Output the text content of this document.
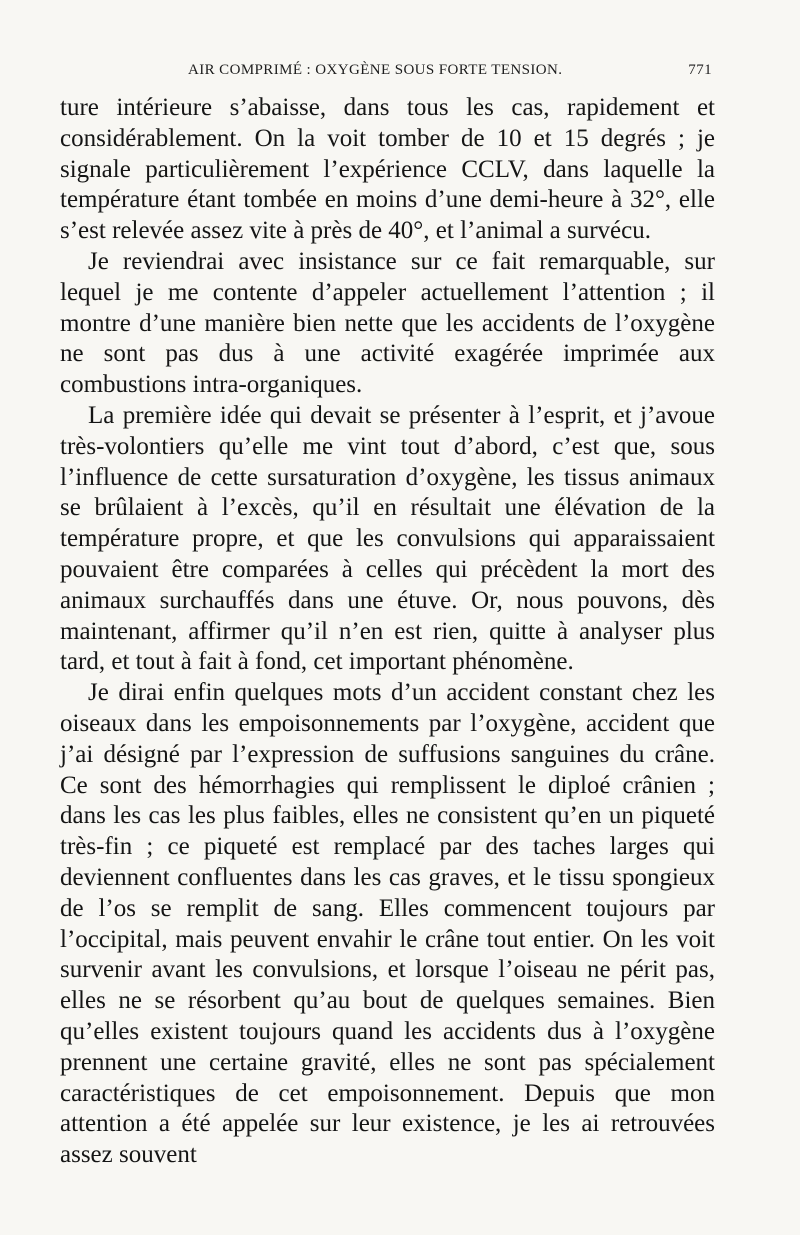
AIR COMPRIMÉ : OXYGÈNE SOUS FORTE TENSION.	771

ture intérieure s’abaisse, dans tous les cas, rapidement et considérablement. On la voit tomber de 10 et 15 degrés ; je signale particulièrement l’expérience CCLV, dans laquelle la température étant tombée en moins d’une demi-heure à 32°, elle s’est relevée assez vite à près de 40°, et l’animal a survécu.

Je reviendrai avec insistance sur ce fait remarquable, sur lequel je me contente d’appeler actuellement l’attention ; il montre d’une manière bien nette que les accidents de l’oxygène ne sont pas dus à une activité exagérée imprimée aux combustions intra-organiques.

La première idée qui devait se présenter à l’esprit, et j’avoue très-volontiers qu’elle me vint tout d’abord, c’est que, sous l’influence de cette sursaturation d’oxygène, les tissus animaux se brûlaient à l’excès, qu’il en résultait une élévation de la température propre, et que les convulsions qui apparaissaient pouvaient être comparées à celles qui précèdent la mort des animaux surchauffés dans une étuve. Or, nous pouvons, dès maintenant, affirmer qu’il n’en est rien, quitte à analyser plus tard, et tout à fait à fond, cet important phénomène.

Je dirai enfin quelques mots d’un accident constant chez les oiseaux dans les empoisonnements par l’oxygène, accident que j’ai désigné par l’expression de suffusions sanguines du crâne. Ce sont des hémorrhagies qui remplissent le diploé crânien ; dans les cas les plus faibles, elles ne consistent qu’en un piqueté très-fin ; ce piqueté est remplacé par des taches larges qui deviennent confluentes dans les cas graves, et le tissu spongieux de l’os se remplit de sang. Elles commencent toujours par l’occipital, mais peuvent envahir le crâne tout entier. On les voit survenir avant les convulsions, et lorsque l’oiseau ne périt pas, elles ne se résorbent qu’au bout de quelques semaines. Bien qu’elles existent toujours quand les accidents dus à l’oxygène prennent une certaine gravité, elles ne sont pas spécialement caractéristiques de cet empoisonnement. Depuis que mon attention a été appelée sur leur existence, je les ai retrouvées assez souvent
